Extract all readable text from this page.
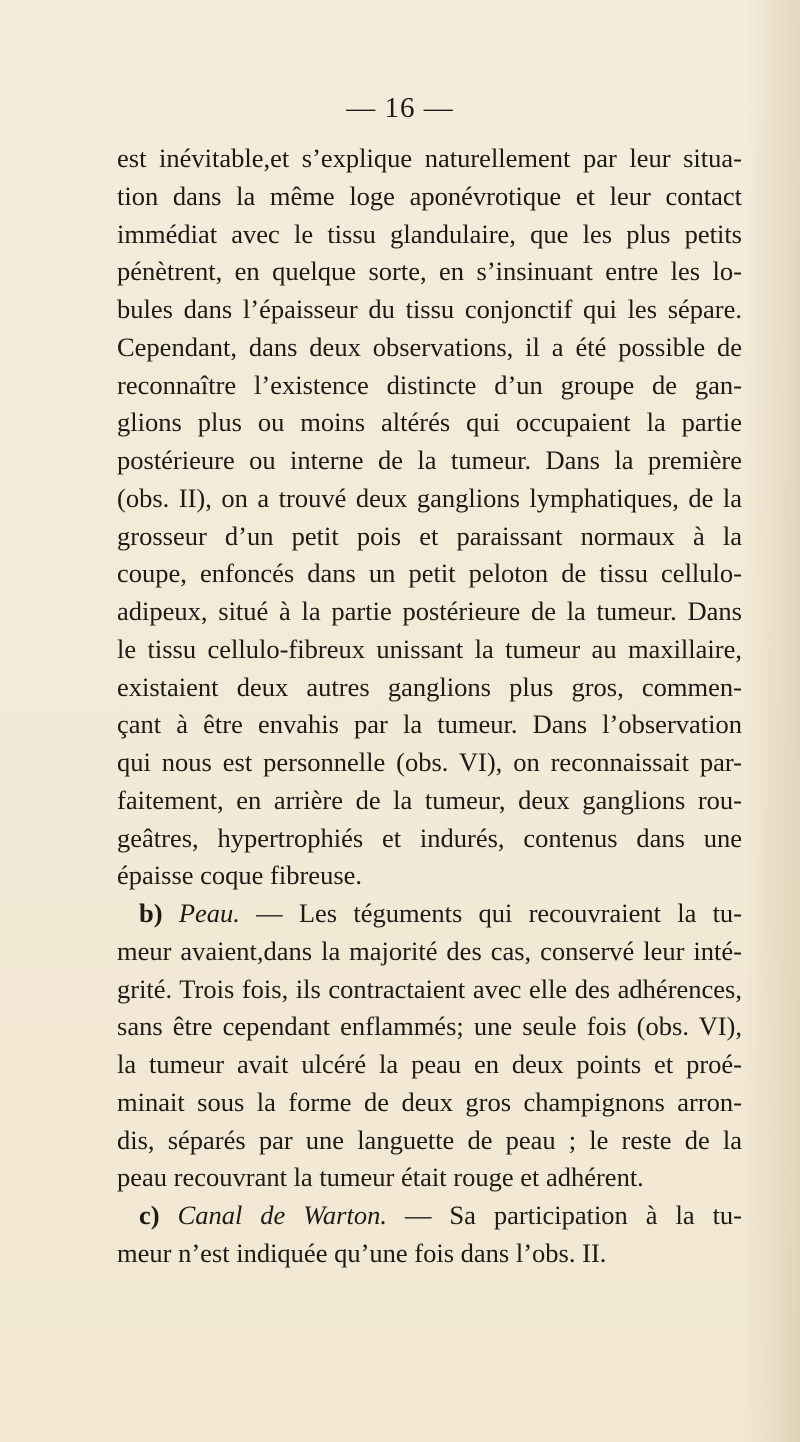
— 16 —
est inévitable,et s’explique naturellement par leur situa-
tion dans la même loge aponévrotique et leur contact
immédiat avec le tissu glandulaire, que les plus petits
pénètrent, en quelque sorte, en s’insinuant entre les lo-
bules dans l’épaisseur du tissu conjonctif qui les sépare.
Cependant, dans deux observations, il a été possible de
reconnaître l’existence distincte d’un groupe de gan-
glions plus ou moins altérés qui occupaient la partie
postérieure ou interne de la tumeur. Dans la première
(obs. II), on a trouvé deux ganglions lymphatiques, de la
grosseur d’un petit pois et paraissant normaux à la
coupe, enfoncés dans un petit peloton de tissu cellulo-
adipeux, situé à la partie postérieure de la tumeur. Dans
le tissu cellulo-fibreux unissant la tumeur au maxillaire,
existaient deux autres ganglions plus gros, commen-
çant à être envahis par la tumeur. Dans l’observation
qui nous est personnelle (obs. VI), on reconnaissait par-
faitement, en arrière de la tumeur, deux ganglions rou-
geâtres, hypertrophiés et indurés, contenus dans une
épaisse coque fibreuse.
b) Peau. — Les téguments qui recouvraient la tu-
meur avaient,dans la majorité des cas, conservé leur inté-
grité. Trois fois, ils contractaient avec elle des adhérences,
sans être cependant enflammés; une seule fois (obs. VI),
la tumeur avait ulcéré la peau en deux points et proé-
minait sous la forme de deux gros champignons arron-
dis, séparés par une languette de peau ; le reste de la
peau recouvrant la tumeur était rouge et adhérent.
c) Canal de Warton. — Sa participation à la tu-
meur n’est indiquée qu’une fois dans l’obs. II.
